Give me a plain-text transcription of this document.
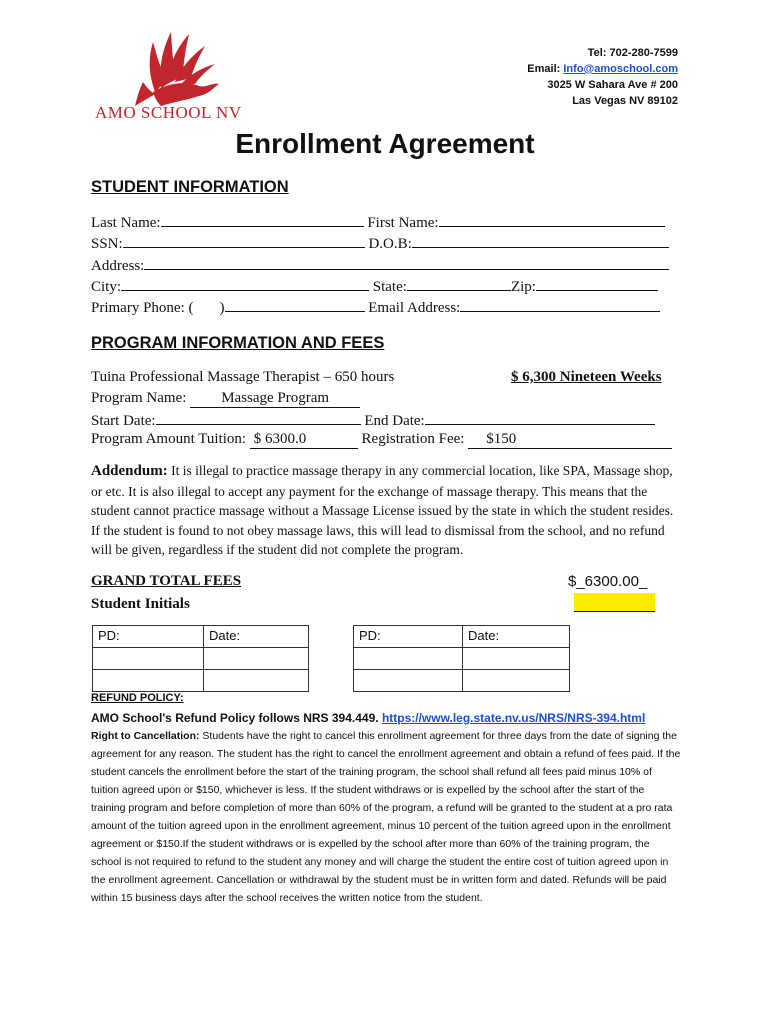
AMO SCHOOL NV
Tel: 702-280-7599
Email: Info@amoschool.com
3025 W Sahara Ave # 200
Las Vegas NV 89102
Enrollment Agreement
STUDENT INFORMATION
Last Name:	First Name:
SSN:	D.O.B:
Address:
City:	State:	Zip:
Primary Phone: ( )	Email Address:
PROGRAM INFORMATION AND FEES
Tuina Professional Massage Therapist – 650 hours	$ 6,300 Nineteen Weeks
Program Name: Massage Program
Start Date:	End Date:
Program Amount Tuition: $ 6300.0	Registration Fee: $150
Addendum: It is illegal to practice massage therapy in any commercial location, like SPA, Massage shop, or etc. It is also illegal to accept any payment for the exchange of massage therapy. This means that the student cannot practice massage without a Massage License issued by the state in which the student resides. If the student is found to not obey massage laws, this will lead to dismissal from the school, and no refund will be given, regardless if the student did not complete the program.
GRAND TOTAL FEES	$_6300.00_
Student Initials
PD:	Date:

		PD:	Date:

REFUND POLICY:
AMO School's Refund Policy follows NRS 394.449. https://www.leg.state.nv.us/NRS/NRS-394.html
Right to Cancellation: Students have the right to cancel this enrollment agreement for three days from the date of signing the agreement for any reason. The student has the right to cancel the enrollment agreement and obtain a refund of fees paid. If the student cancels the enrollment before the start of the training program, the school shall refund all fees paid minus 10% of tuition agreed upon or $150, whichever is less. If the student withdraws or is expelled by the school after the start of the training program and before completion of more than 60% of the program, a refund will be granted to the student at a pro rata amount of the tuition agreed upon in the enrollment agreement, minus 10 percent of the tuition agreed upon in the enrollment agreement or $150.If the student withdraws or is expelled by the school after more than 60% of the training program, the school is not required to refund to the student any money and will charge the student the entire cost of tuition agreed upon in the enrollment agreement. Cancellation or withdrawal by the student must be in written form and dated. Refunds will be paid within 15 business days after the school receives the written notice from the student.
